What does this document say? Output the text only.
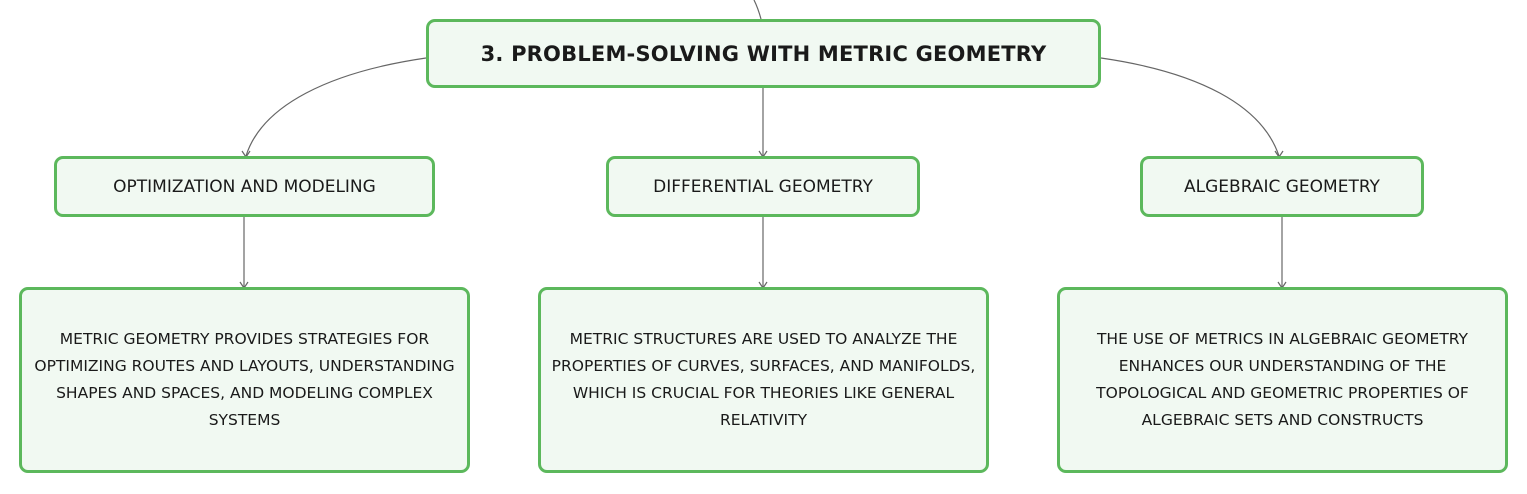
3. PROBLEM-SOLVING WITH METRIC GEOMETRY
OPTIMIZATION AND MODELING	DIFFERENTIAL GEOMETRY	ALGEBRAIC GEOMETRY
METRIC GEOMETRY PROVIDES STRATEGIES FOR OPTIMIZING ROUTES AND LAYOUTS, UNDERSTANDING SHAPES AND SPACES, AND MODELING COMPLEX SYSTEMS
METRIC STRUCTURES ARE USED TO ANALYZE THE PROPERTIES OF CURVES, SURFACES, AND MANIFOLDS, WHICH IS CRUCIAL FOR THEORIES LIKE GENERAL RELATIVITY
THE USE OF METRICS IN ALGEBRAIC GEOMETRY ENHANCES OUR UNDERSTANDING OF THE TOPOLOGICAL AND GEOMETRIC PROPERTIES OF ALGEBRAIC SETS AND CONSTRUCTS
